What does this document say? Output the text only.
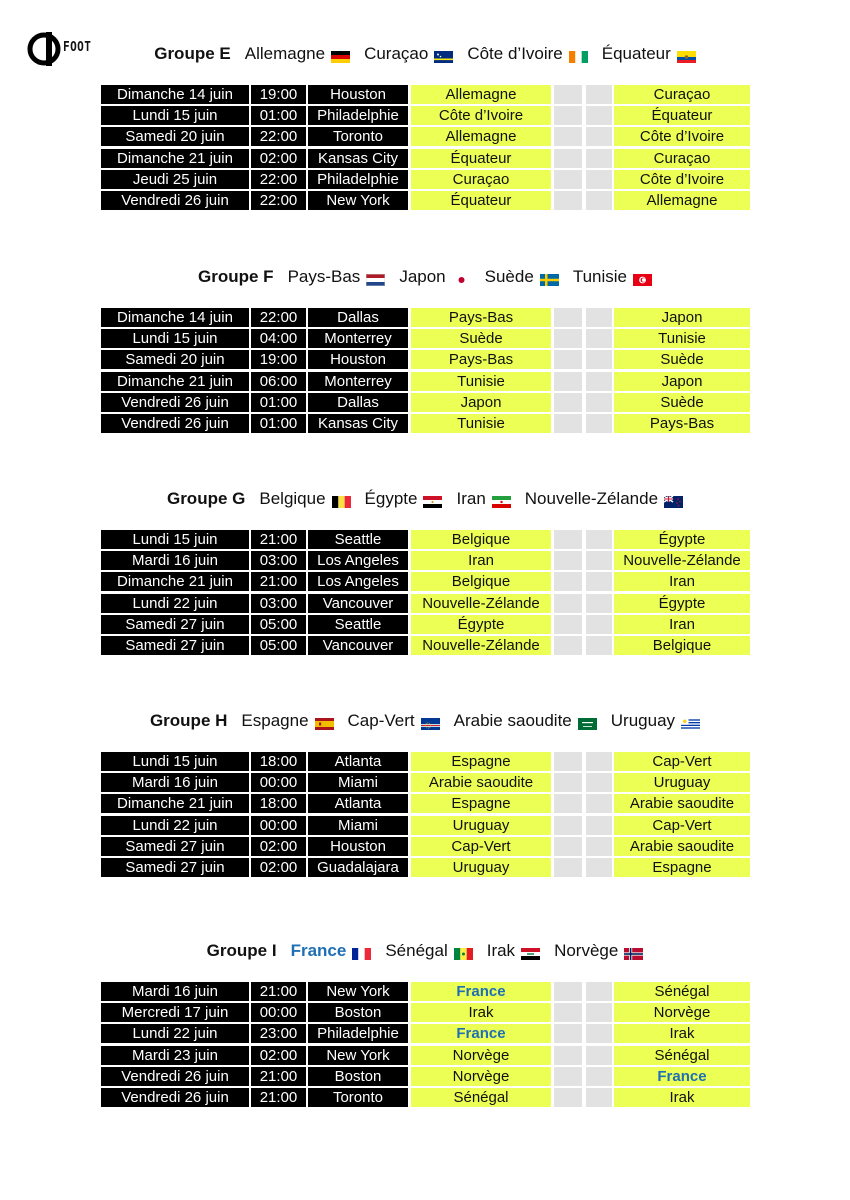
FOOT	Groupe E Allemagne Curaçao Côte d’Ivoire Équateur
Dimanche 14 juin	19:00	Houston	Allemagne	Curaçao
Lundi 15 juin	01:00	Philadelphie	Côte d’Ivoire	Équateur
Samedi 20 juin	22:00	Toronto	Allemagne	Côte d’Ivoire
Dimanche 21 juin	02:00	Kansas City	Équateur	Curaçao
Jeudi 25 juin	22:00	Philadelphie	Curaçao	Côte d’Ivoire
Vendredi 26 juin	22:00	New York	Équateur	Allemagne
Groupe F Pays-Bas Japon Suède Tunisie
Dimanche 14 juin	22:00	Dallas	Pays-Bas	Japon
Lundi 15 juin	04:00	Monterrey	Suède	Tunisie
Samedi 20 juin	19:00	Houston	Pays-Bas	Suède
Dimanche 21 juin	06:00	Monterrey	Tunisie	Japon
Vendredi 26 juin	01:00	Dallas	Japon	Suède
Vendredi 26 juin	01:00	Kansas City	Tunisie	Pays-Bas
Groupe G Belgique Égypte Iran Nouvelle-Zélande
Lundi 15 juin	21:00	Seattle	Belgique	Égypte
Mardi 16 juin	03:00	Los Angeles	Iran	Nouvelle-Zélande
Dimanche 21 juin	21:00	Los Angeles	Belgique	Iran
Lundi 22 juin	03:00	Vancouver	Nouvelle-Zélande	Égypte
Samedi 27 juin	05:00	Seattle	Égypte	Iran
Samedi 27 juin	05:00	Vancouver	Nouvelle-Zélande	Belgique
Groupe H Espagne Cap-Vert Arabie saoudite Uruguay
Lundi 15 juin	18:00	Atlanta	Espagne	Cap-Vert
Mardi 16 juin	00:00	Miami	Arabie saoudite	Uruguay
Dimanche 21 juin	18:00	Atlanta	Espagne	Arabie saoudite
Lundi 22 juin	00:00	Miami	Uruguay	Cap-Vert
Samedi 27 juin	02:00	Houston	Cap-Vert	Arabie saoudite
Samedi 27 juin	02:00	Guadalajara	Uruguay	Espagne
Groupe I France Sénégal Irak Norvège
Mardi 16 juin	21:00	New York	France	Sénégal
Mercredi 17 juin	00:00	Boston	Irak	Norvège
Lundi 22 juin	23:00	Philadelphie	France	Irak
Mardi 23 juin	02:00	New York	Norvège	Sénégal
Vendredi 26 juin	21:00	Boston	Norvège	France
Vendredi 26 juin	21:00	Toronto	Sénégal	Irak
